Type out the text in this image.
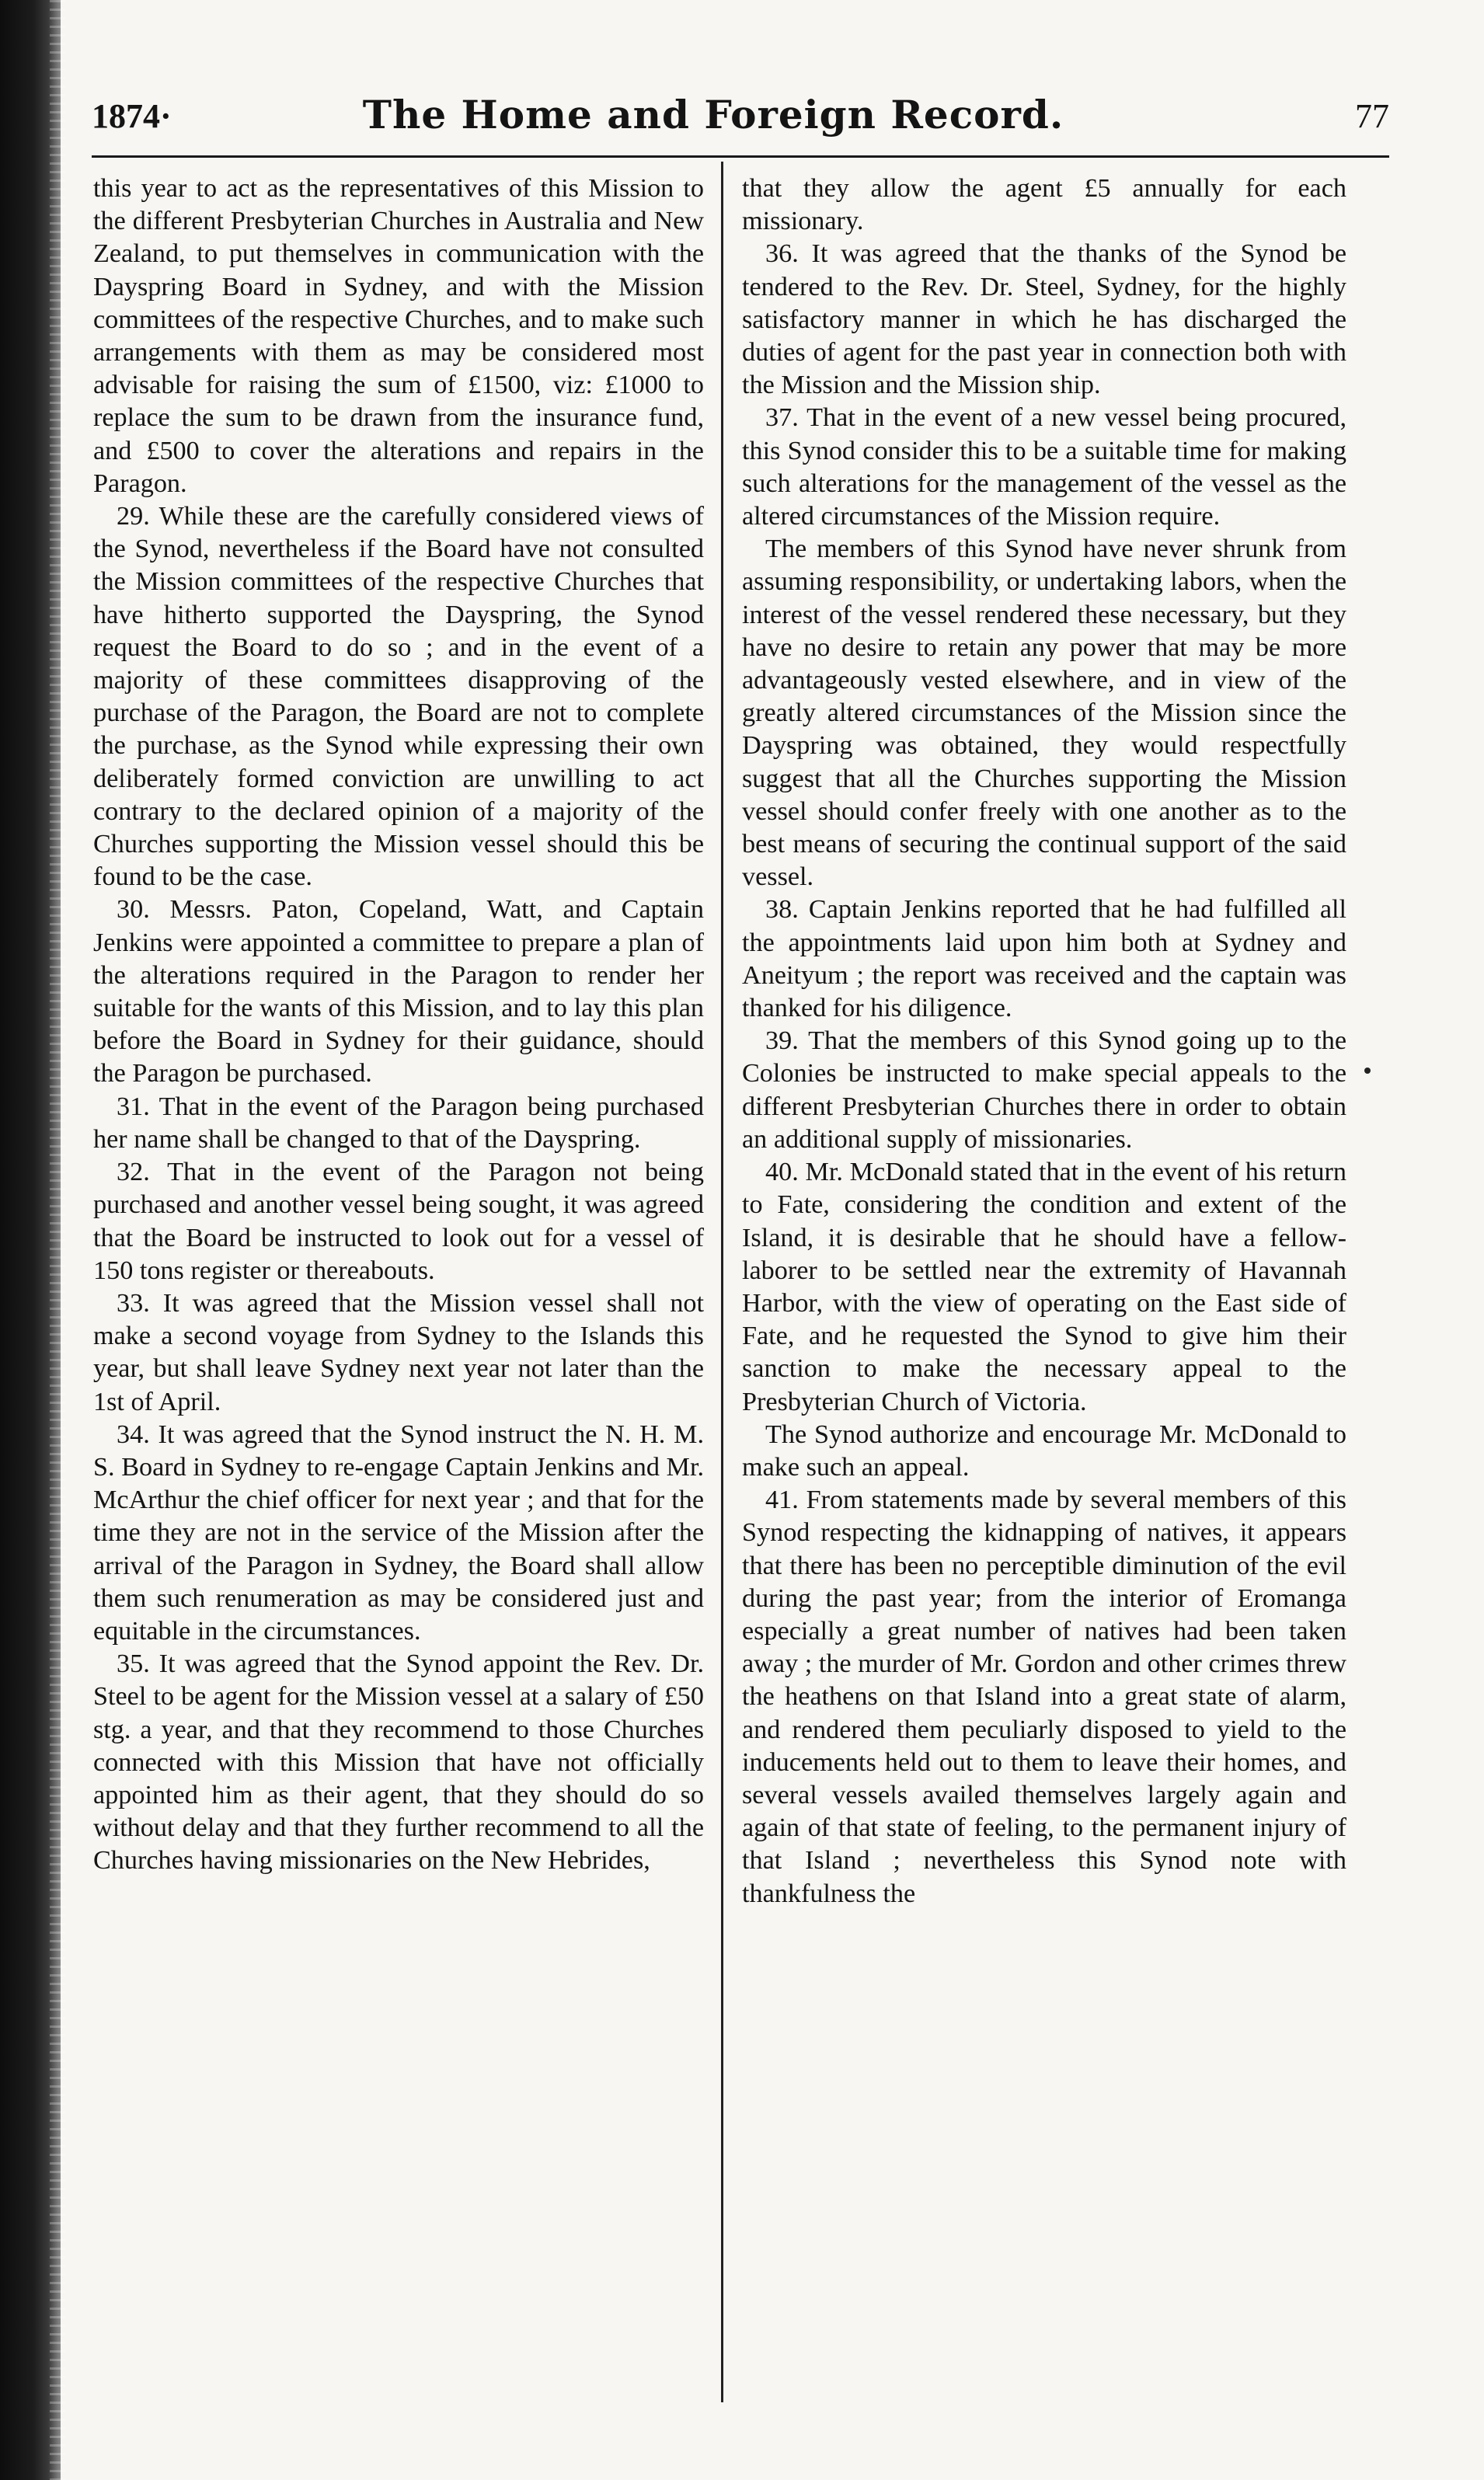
1874·	The Home and Foreign Record.	77

this year to act as the representatives of this Mission to the different Presbyterian Churches in Australia and New Zealand, to put themselves in communication with the Dayspring Board in Sydney, and with the Mission committees of the respective Churches, and to make such arrangements with them as may be considered most advisable for raising the sum of £1500, viz: £1000 to replace the sum to be drawn from the insurance fund, and £500 to cover the alterations and repairs in the Paragon.

29. While these are the carefully considered views of the Synod, nevertheless if the Board have not consulted the Mission committees of the respective Churches that have hitherto supported the Dayspring, the Synod request the Board to do so ; and in the event of a majority of these committees disapproving of the purchase of the Paragon, the Board are not to complete the purchase, as the Synod while expressing their own deliberately formed conviction are unwilling to act contrary to the declared opinion of a majority of the Churches supporting the Mission vessel should this be found to be the case.

30. Messrs. Paton, Copeland, Watt, and Captain Jenkins were appointed a committee to prepare a plan of the alterations required in the Paragon to render her suitable for the wants of this Mission, and to lay this plan before the Board in Sydney for their guidance, should the Paragon be purchased.

31. That in the event of the Paragon being purchased her name shall be changed to that of the Dayspring.

32. That in the event of the Paragon not being purchased and another vessel being sought, it was agreed that the Board be instructed to look out for a vessel of 150 tons register or thereabouts.

33. It was agreed that the Mission vessel shall not make a second voyage from Sydney to the Islands this year, but shall leave Sydney next year not later than the 1st of April.

34. It was agreed that the Synod instruct the N. H. M. S. Board in Sydney to re-engage Captain Jenkins and Mr. McArthur the chief officer for next year ; and that for the time they are not in the service of the Mission after the arrival of the Paragon in Sydney, the Board shall allow them such renumeration as may be considered just and equitable in the circumstances.

35. It was agreed that the Synod appoint the Rev. Dr. Steel to be agent for the Mission vessel at a salary of £50 stg. a year, and that they recommend to those Churches connected with this Mission that have not officially appointed him as their agent, that they should do so without delay and that they further recommend to all the Churches having missionaries on the New Hebrides,

that they allow the agent £5 annually for each missionary.

36. It was agreed that the thanks of the Synod be tendered to the Rev. Dr. Steel, Sydney, for the highly satisfactory manner in which he has discharged the duties of agent for the past year in connection both with the Mission and the Mission ship.

37. That in the event of a new vessel being procured, this Synod consider this to be a suitable time for making such alterations for the management of the vessel as the altered circumstances of the Mission require.

The members of this Synod have never shrunk from assuming responsibility, or undertaking labors, when the interest of the vessel rendered these necessary, but they have no desire to retain any power that may be more advantageously vested elsewhere, and in view of the greatly altered circumstances of the Mission since the Dayspring was obtained, they would respectfully suggest that all the Churches supporting the Mission vessel should confer freely with one another as to the best means of securing the continual support of the said vessel.

38. Captain Jenkins reported that he had fulfilled all the appointments laid upon him both at Sydney and Aneityum ; the report was received and the captain was thanked for his diligence.

39. That the members of this Synod going up to the Colonies be instructed to make special appeals to the different Presbyterian Churches there in order to obtain an additional supply of missionaries.

40. Mr. McDonald stated that in the event of his return to Fate, considering the condition and extent of the Island, it is desirable that he should have a fellow-laborer to be settled near the extremity of Havannah Harbor, with the view of operating on the East side of Fate, and he requested the Synod to give him their sanction to make the necessary appeal to the Presbyterian Church of Victoria.

The Synod authorize and encourage Mr. McDonald to make such an appeal.

41. From statements made by several members of this Synod respecting the kidnapping of natives, it appears that there has been no perceptible diminution of the evil during the past year; from the interior of Eromanga especially a great number of natives had been taken away ; the murder of Mr. Gordon and other crimes threw the heathens on that Island into a great state of alarm, and rendered them peculiarly disposed to yield to the inducements held out to them to leave their homes, and several vessels availed themselves largely again and again of that state of feeling, to the permanent injury of that Island ; nevertheless this Synod note with thankfulness the
